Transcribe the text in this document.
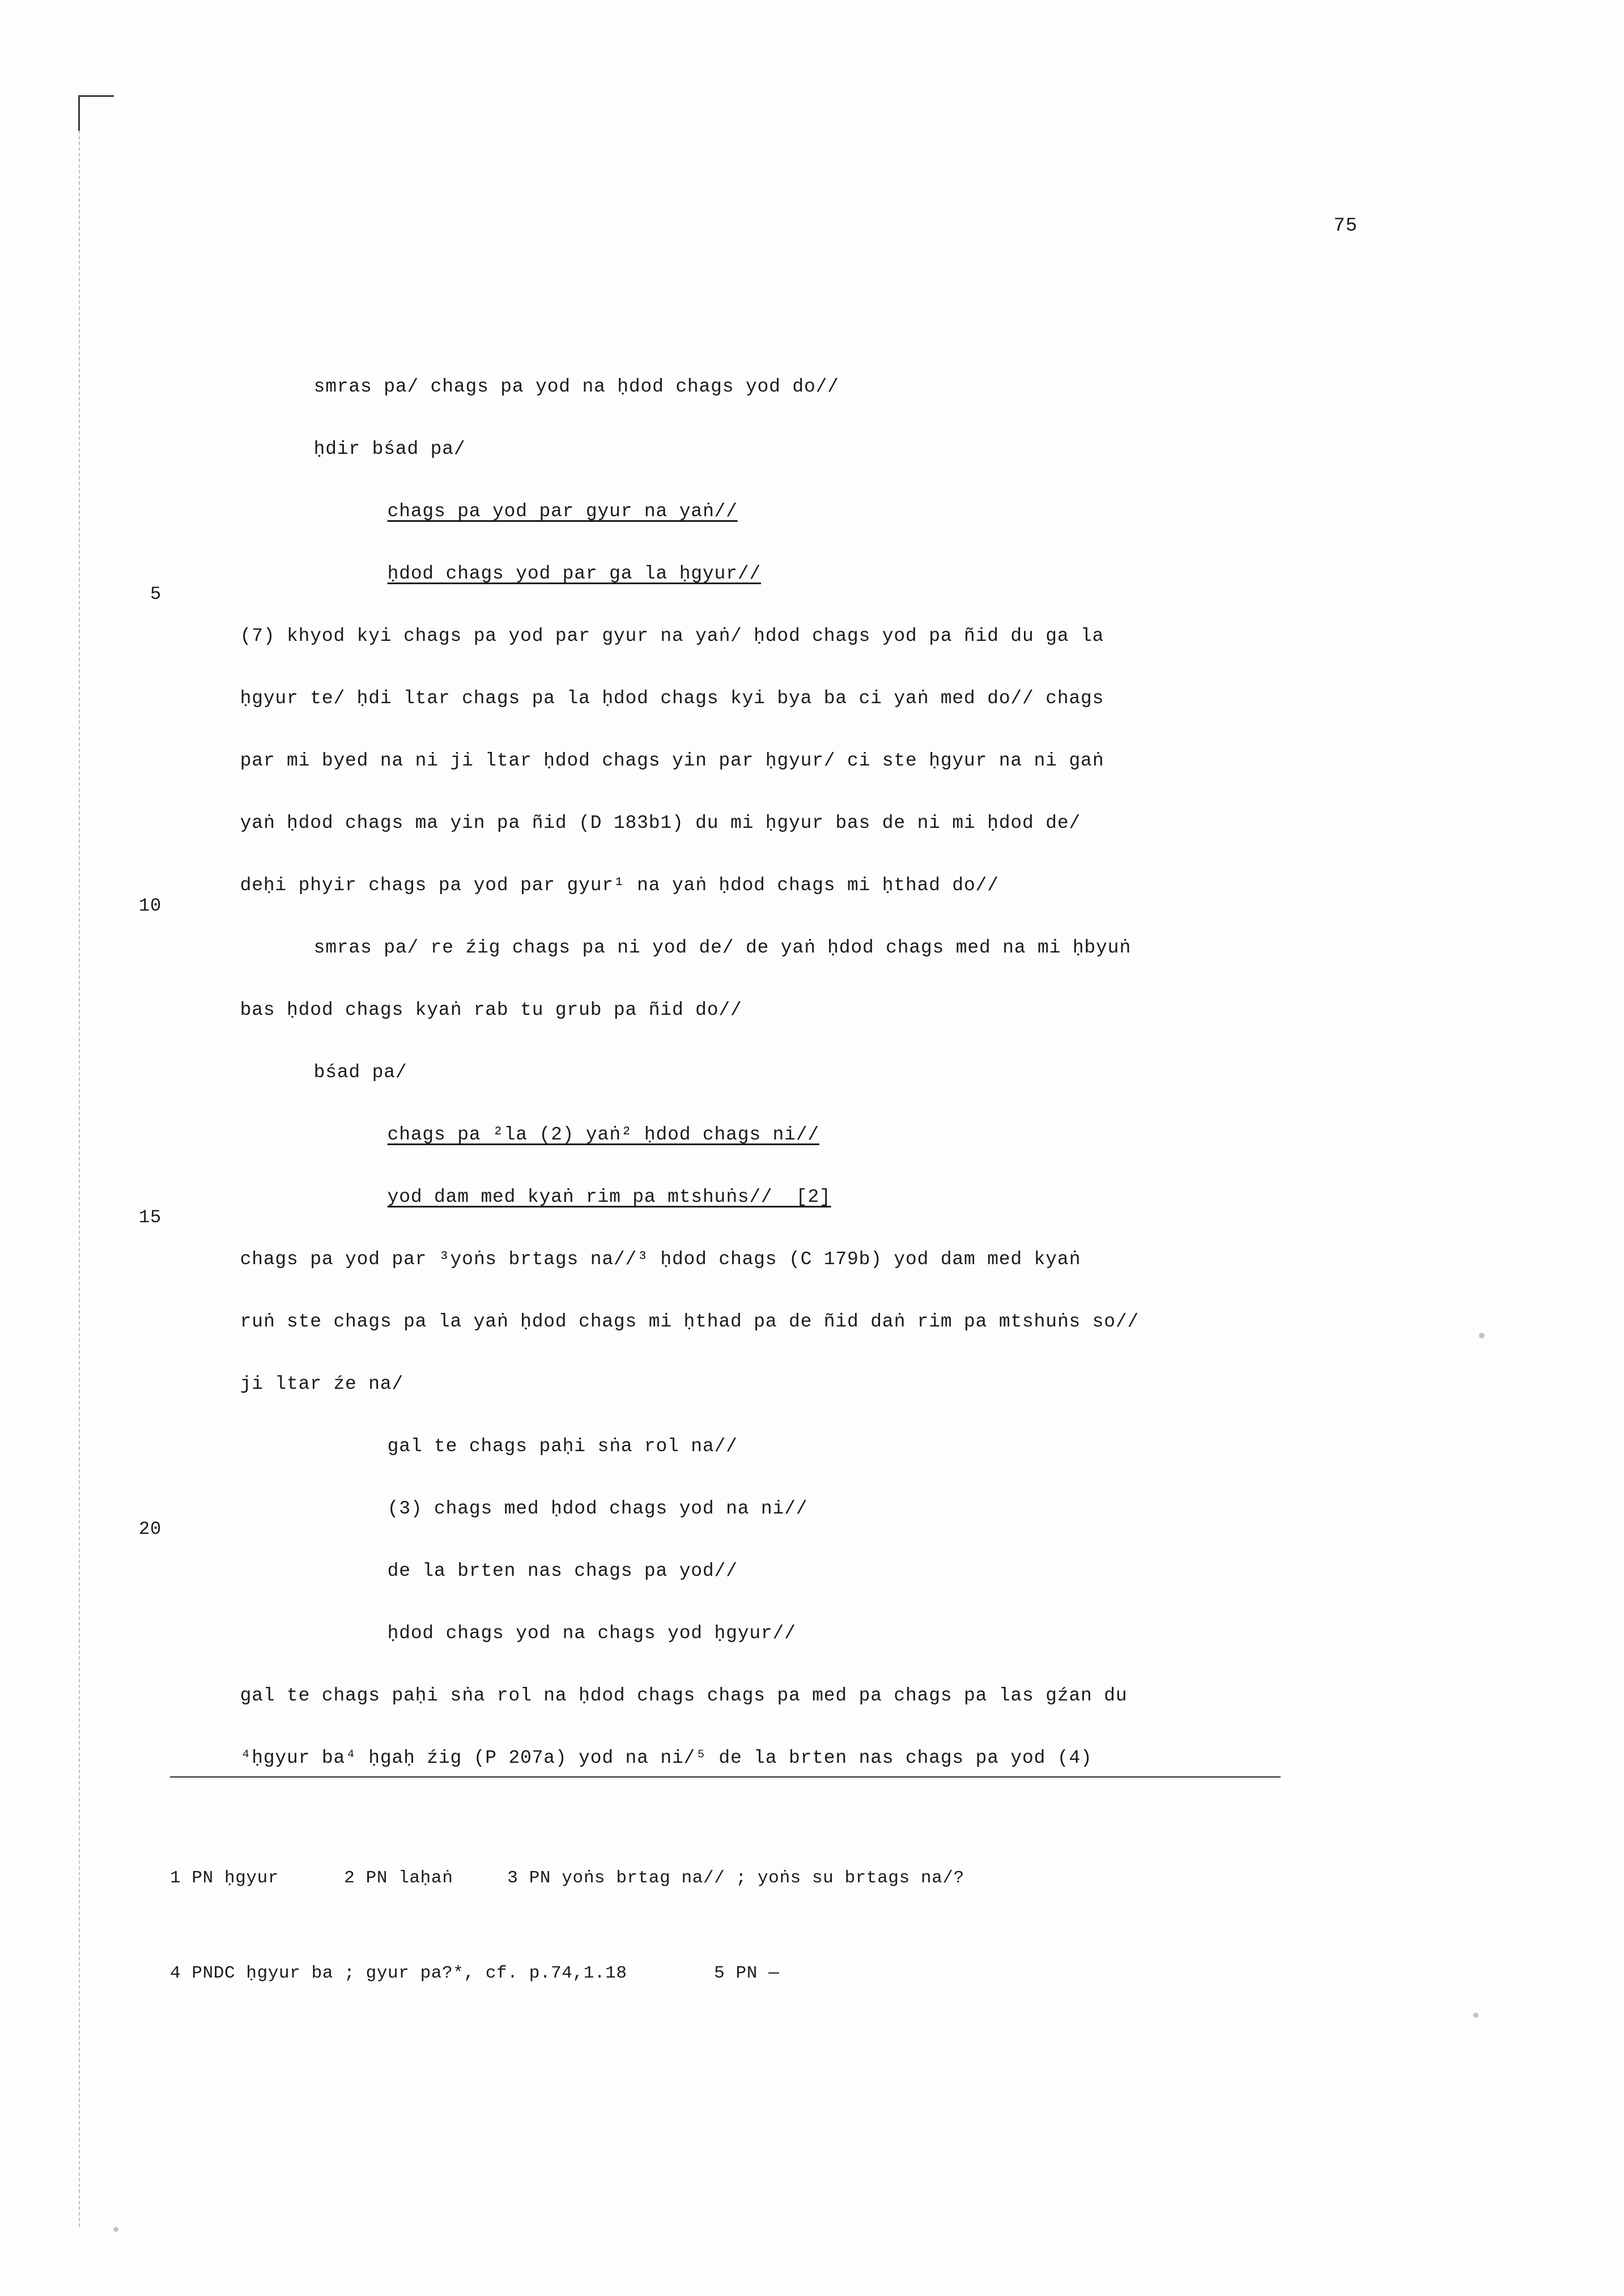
75

smras pa/ chags pa yod na ḥdod chags yod do//

ḥdir bśad pa/

chags pa yod par gyur na yaṅ//

ḥdod chags yod par ga la ḥgyur//

5

(7) khyod kyi chags pa yod par gyur na yaṅ/ ḥdod chags yod pa ñid du ga la

ḥgyur te/ ḥdi ltar chags pa la ḥdod chags kyi bya ba ci yaṅ med do// chags

par mi byed na ni ji ltar ḥdod chags yin par ḥgyur/ ci ste ḥgyur na ni gaṅ

yaṅ ḥdod chags ma yin pa ñid (D 183b1) du mi ḥgyur bas de ni mi ḥdod de/

deḥi phyir chags pa yod par gyur¹ na yaṅ ḥdod chags mi ḥthad do//

10

smras pa/ re źig chags pa ni yod de/ de yaṅ ḥdod chags med na mi ḥbyuṅ

bas ḥdod chags kyaṅ rab tu grub pa ñid do//

bśad pa/

chags pa ²la (2) yaṅ² ḥdod chags ni//

yod dam med kyaṅ rim pa mtshuṅs//  [2]

15

chags pa yod par ³yoṅs brtags na//³ ḥdod chags (C 179b) yod dam med kyaṅ

ruṅ ste chags pa la yaṅ ḥdod chags mi ḥthad pa de ñid daṅ rim pa mtshuṅs so//

ji ltar źe na/

gal te chags paḥi sṅa rol na//

(3) chags med ḥdod chags yod na ni//

20

de la brten nas chags pa yod//

ḥdod chags yod na chags yod ḥgyur//

gal te chags paḥi sṅa rol na ḥdod chags chags pa med pa chags pa las gźan du

⁴ḥgyur ba⁴ ḥgaḥ źig (P 207a) yod na ni/⁵ de la brten nas chags pa yod (4)

1 PN ḥgyur      2 PN laḥaṅ     3 PN yoṅs brtag na// ; yoṅs su brtags na/?

4 PNDC ḥgyur ba ; gyur pa?*, cf. p.74,1.18        5 PN —
